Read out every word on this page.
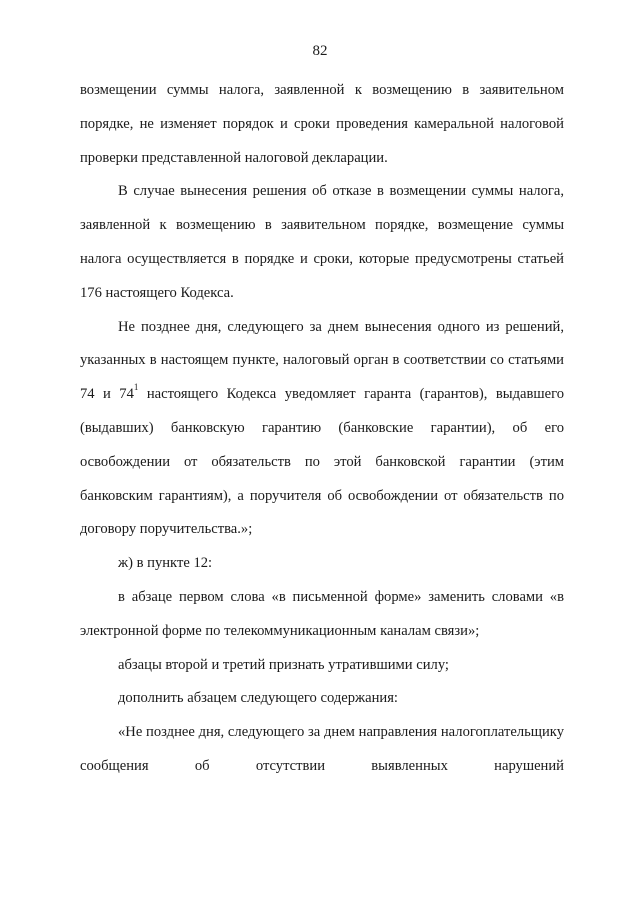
82

возмещении суммы налога, заявленной к возмещению в заявительном порядке, не изменяет порядок и сроки проведения камеральной налоговой проверки представленной налоговой декларации.

В случае вынесения решения об отказе в возмещении суммы налога, заявленной к возмещению в заявительном порядке, возмещение суммы налога осуществляется в порядке и сроки, которые предусмотрены статьей 176 настоящего Кодекса.

Не позднее дня, следующего за днем вынесения одного из решений, указанных в настоящем пункте, налоговый орган в соответствии со статьями 74 и $74^1$ настоящего Кодекса уведомляет гаранта (гарантов), выдавшего (выдавших) банковскую гарантию (банковские гарантии), об его освобождении от обязательств по этой банковской гарантии (этим банковским гарантиям), а поручителя об освобождении от обязательств по договору поручительства.»;

ж) в пункте 12:

в абзаце первом слова «в письменной форме» заменить словами «в электронной форме по телекоммуникационным каналам связи»;

абзацы второй и третий признать утратившими силу;

дополнить абзацем следующего содержания:

«Не позднее дня, следующего за днем направления налогоплательщику сообщения об отсутствии выявленных нарушений
